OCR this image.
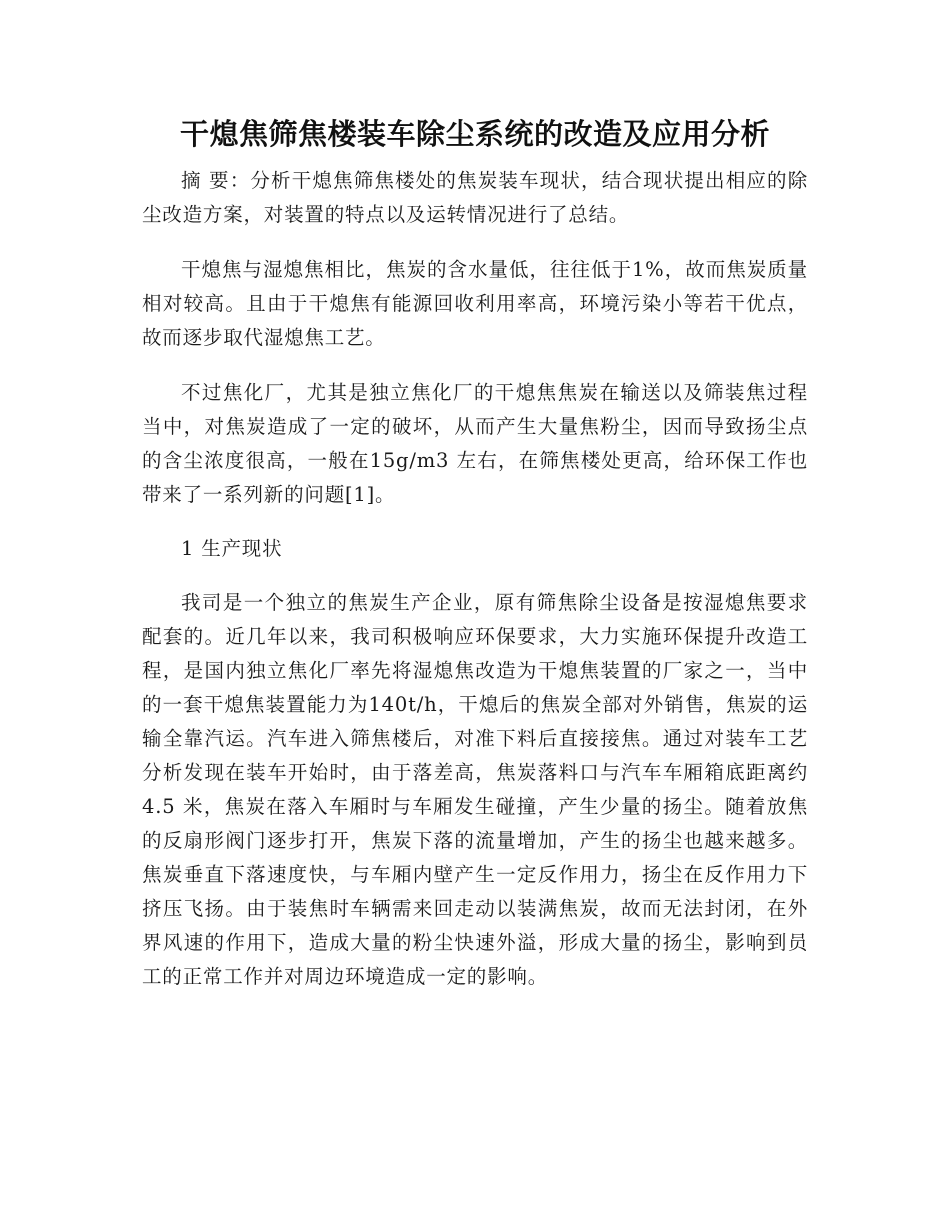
干熄焦筛焦楼装车除尘系统的改造及应用分析

摘 要：分析干熄焦筛焦楼处的焦炭装车现状，结合现状提出相应的除尘改造方案，对装置的特点以及运转情况进行了总结。

干熄焦与湿熄焦相比，焦炭的含水量低，往往低于1%，故而焦炭质量相对较高。且由于干熄焦有能源回收利用率高，环境污染小等若干优点，故而逐步取代湿熄焦工艺。

不过焦化厂，尤其是独立焦化厂的干熄焦焦炭在输送以及筛装焦过程当中，对焦炭造成了一定的破坏，从而产生大量焦粉尘，因而导致扬尘点的含尘浓度很高，一般在15g/m3 左右，在筛焦楼处更高，给环保工作也带来了一系列新的问题[1]。

1 生产现状

我司是一个独立的焦炭生产企业，原有筛焦除尘设备是按湿熄焦要求配套的。近几年以来，我司积极响应环保要求，大力实施环保提升改造工程，是国内独立焦化厂率先将湿熄焦改造为干熄焦装置的厂家之一，当中的一套干熄焦装置能力为140t/h，干熄后的焦炭全部对外销售，焦炭的运输全靠汽运。汽车进入筛焦楼后，对准下料后直接接焦。通过对装车工艺分析发现在装车开始时，由于落差高，焦炭落料口与汽车车厢箱底距离约4.5 米，焦炭在落入车厢时与车厢发生碰撞，产生少量的扬尘。随着放焦的反扇形阀门逐步打开，焦炭下落的流量增加，产生的扬尘也越来越多。焦炭垂直下落速度快，与车厢内壁产生一定反作用力，扬尘在反作用力下挤压飞扬。由于装焦时车辆需来回走动以装满焦炭，故而无法封闭，在外界风速的作用下，造成大量的粉尘快速外溢，形成大量的扬尘，影响到员工的正常工作并对周边环境造成一定的影响。
